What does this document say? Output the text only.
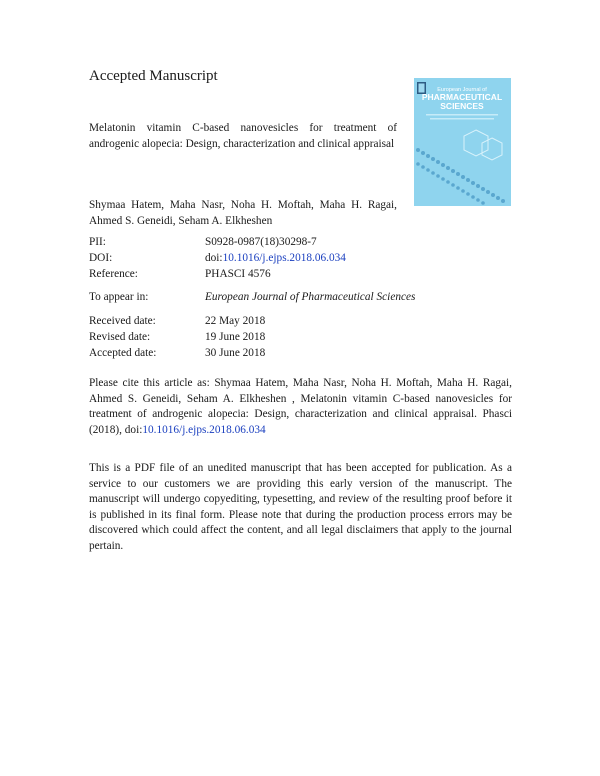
Accepted Manuscript
Melatonin vitamin C-based nanovesicles for treatment of androgenic alopecia: Design, characterization and clinical appraisal
Shymaa Hatem, Maha Nasr, Noha H. Moftah, Maha H. Ragai, Ahmed S. Geneidi, Seham A. Elkheshen
European Journal of
PHARMACEUTICAL
SCIENCES
PII:	S0928-0987(18)30298-7
DOI:	doi:10.1016/j.ejps.2018.06.034
Reference:	PHASCI 4576
To appear in:	European Journal of Pharmaceutical Sciences
Received date:	22 May 2018
Revised date:	19 June 2018
Accepted date:	30 June 2018

Please cite this article as: Shymaa Hatem, Maha Nasr, Noha H. Moftah, Maha H. Ragai, Ahmed S. Geneidi, Seham A. Elkheshen , Melatonin vitamin C-based nanovesicles for treatment of androgenic alopecia: Design, characterization and clinical appraisal. Phasci (2018), doi:10.1016/j.ejps.2018.06.034

This is a PDF file of an unedited manuscript that has been accepted for publication. As a service to our customers we are providing this early version of the manuscript. The manuscript will undergo copyediting, typesetting, and review of the resulting proof before it is published in its final form. Please note that during the production process errors may be discovered which could affect the content, and all legal disclaimers that apply to the journal pertain.
